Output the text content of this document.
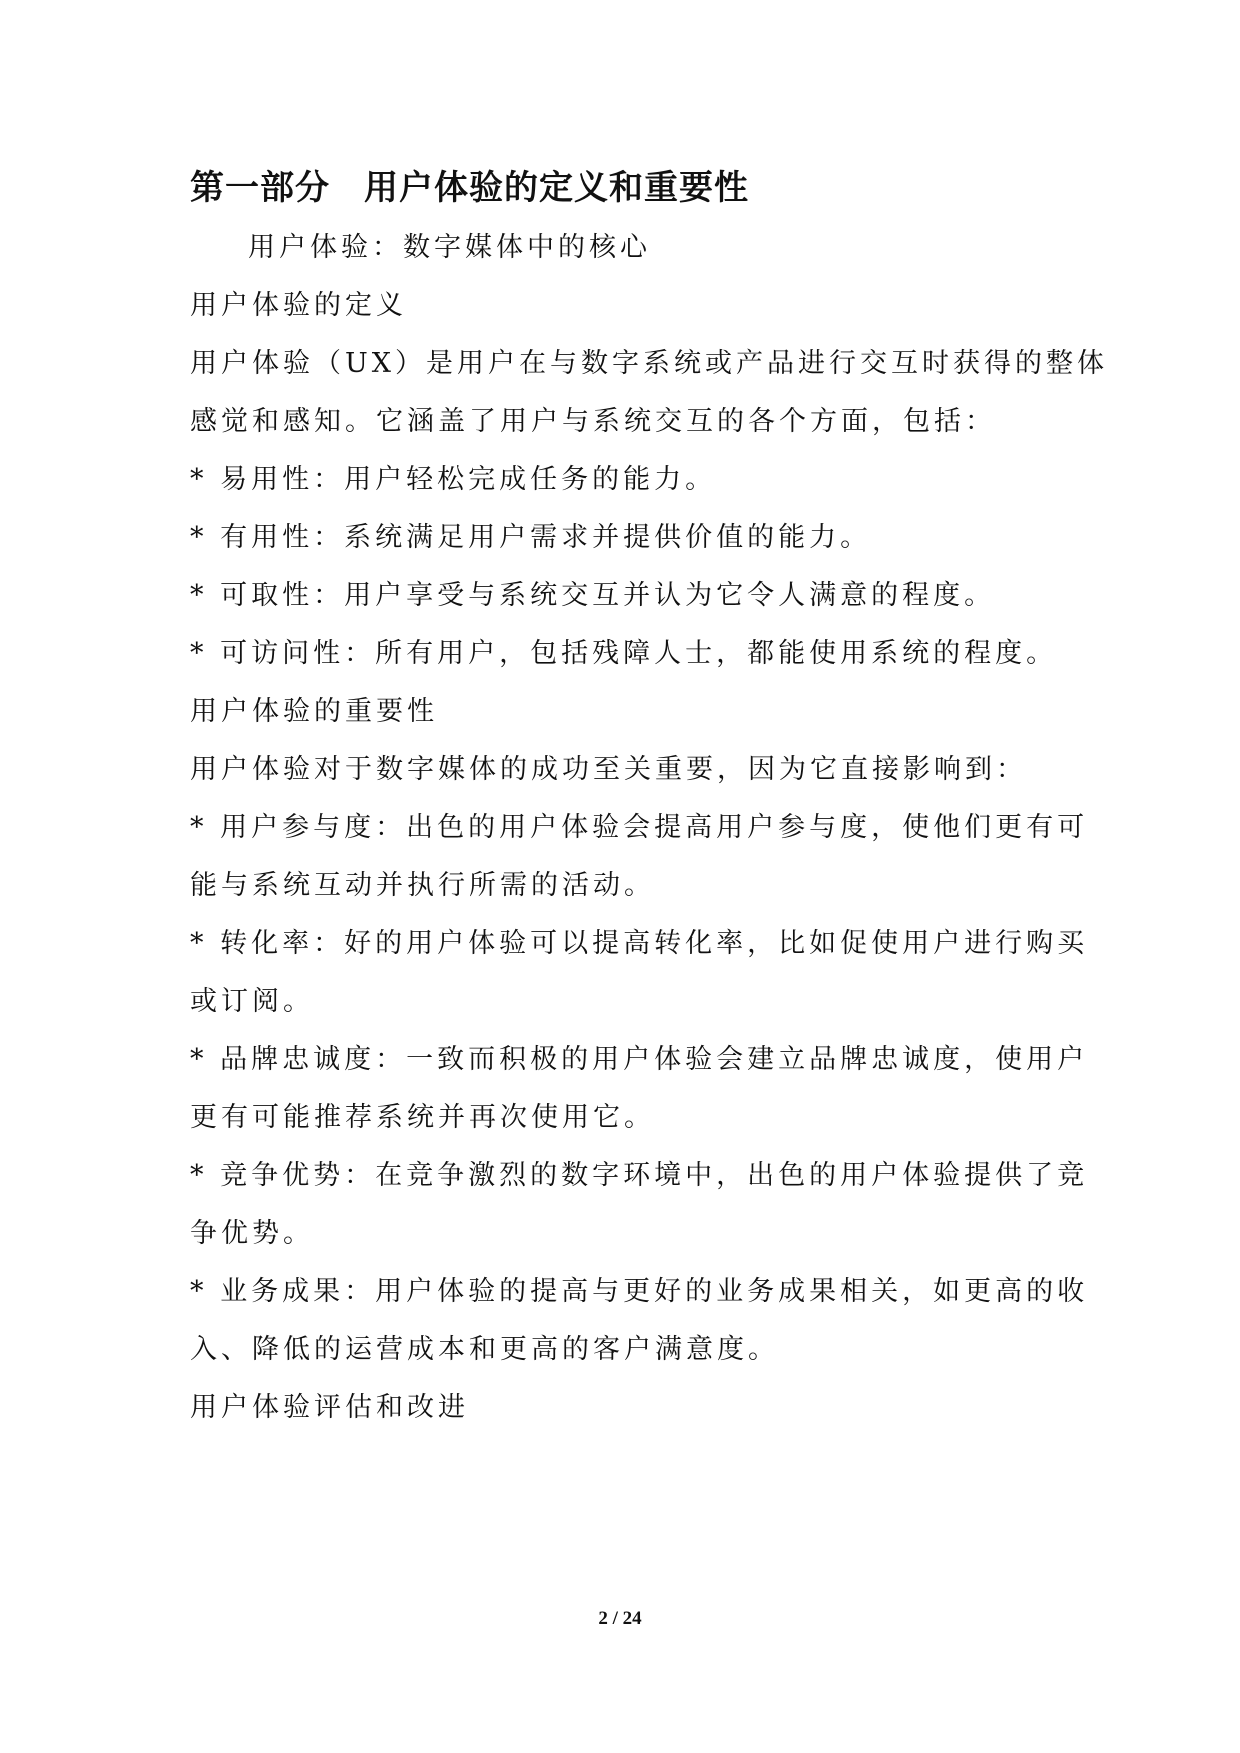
第一部分 用户体验的定义和重要性

用户体验：数字媒体中的核心

用户体验的定义

用户体验（UX）是用户在与数字系统或产品进行交互时获得的整体

感觉和感知。它涵盖了用户与系统交互的各个方面，包括：

* 易用性：用户轻松完成任务的能力。

* 有用性：系统满足用户需求并提供价值的能力。

* 可取性：用户享受与系统交互并认为它令人满意的程度。

* 可访问性：所有用户，包括残障人士，都能使用系统的程度。

用户体验的重要性

用户体验对于数字媒体的成功至关重要，因为它直接影响到：

* 用户参与度：出色的用户体验会提高用户参与度，使他们更有可

能与系统互动并执行所需的活动。

* 转化率：好的用户体验可以提高转化率，比如促使用户进行购买

或订阅。

* 品牌忠诚度：一致而积极的用户体验会建立品牌忠诚度，使用户

更有可能推荐系统并再次使用它。

* 竞争优势：在竞争激烈的数字环境中，出色的用户体验提供了竞

争优势。

* 业务成果：用户体验的提高与更好的业务成果相关，如更高的收

入、降低的运营成本和更高的客户满意度。

用户体验评估和改进

2 / 24
